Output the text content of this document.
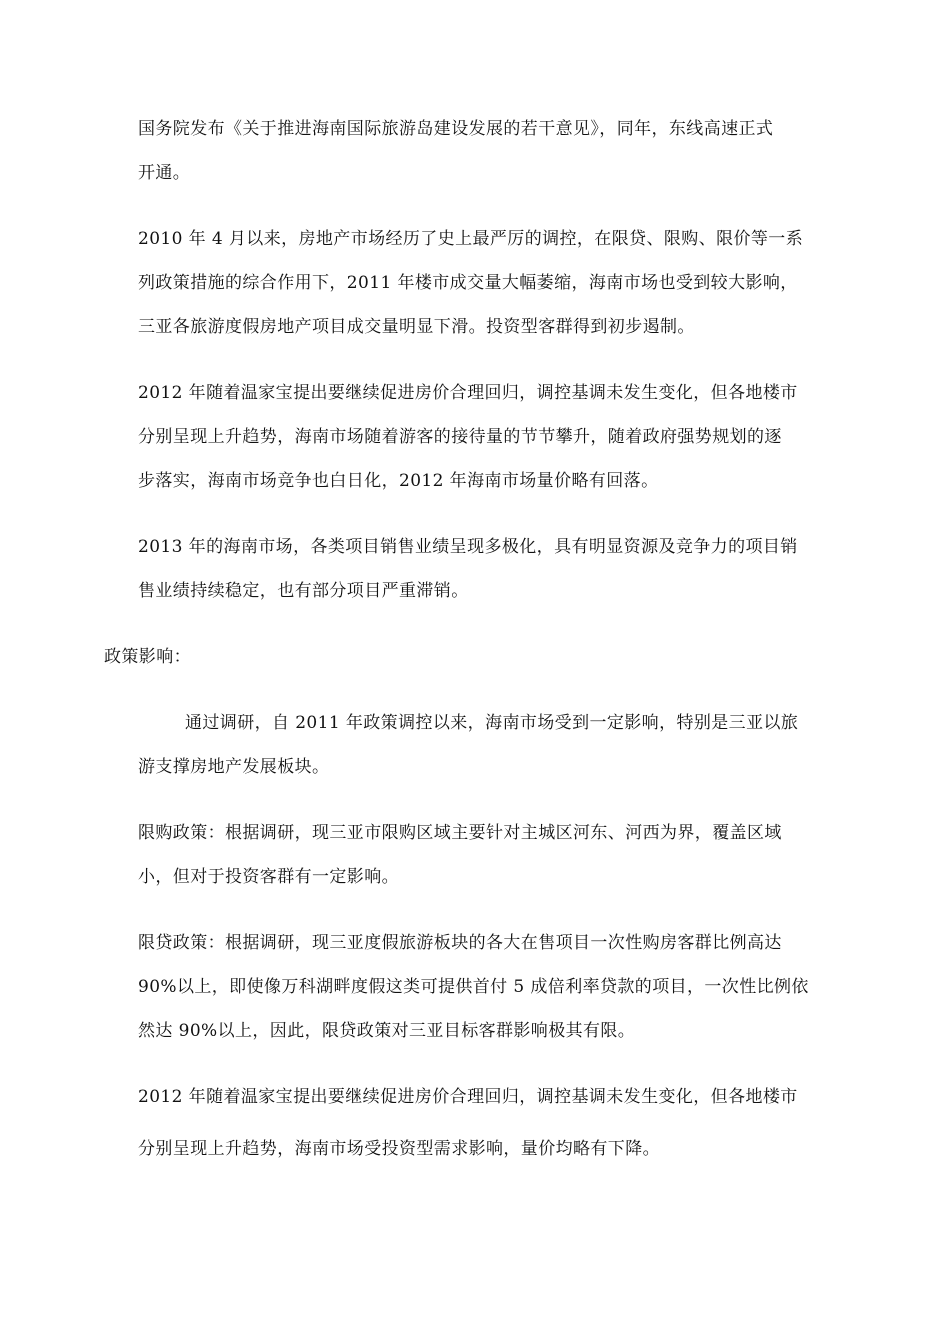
国务院发布《关于推进海南国际旅游岛建设发展的若干意见》，同年，东线高速正式
开通。
2010 年 4 月以来，房地产市场经历了史上最严厉的调控，在限贷、限购、限价等一系
列政策措施的综合作用下，2011 年楼市成交量大幅萎缩，海南市场也受到较大影响，
三亚各旅游度假房地产项目成交量明显下滑。投资型客群得到初步遏制。
2012 年随着温家宝提出要继续促进房价合理回归，调控基调未发生变化，但各地楼市
分别呈现上升趋势，海南市场随着游客的接待量的节节攀升，随着政府强势规划的逐
步落实，海南市场竞争也白日化，2012 年海南市场量价略有回落。
2013 年的海南市场，各类项目销售业绩呈现多极化，具有明显资源及竞争力的项目销
售业绩持续稳定，也有部分项目严重滞销。
政策影响：
通过调研，自 2011 年政策调控以来，海南市场受到一定影响，特别是三亚以旅
游支撑房地产发展板块。
限购政策：根据调研，现三亚市限购区域主要针对主城区河东、河西为界，覆盖区域
小，但对于投资客群有一定影响。
限贷政策：根据调研，现三亚度假旅游板块的各大在售项目一次性购房客群比例高达
90%以上，即使像万科湖畔度假这类可提供首付 5 成倍利率贷款的项目，一次性比例依
然达 90%以上，因此，限贷政策对三亚目标客群影响极其有限。
2012 年随着温家宝提出要继续促进房价合理回归，调控基调未发生变化，但各地楼市
分别呈现上升趋势，海南市场受投资型需求影响，量价均略有下降。
